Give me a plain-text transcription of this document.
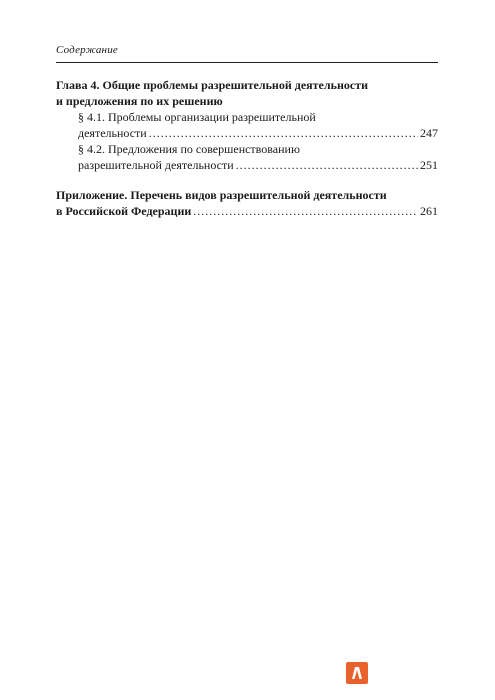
Содержание
Глава 4. Общие проблемы разрешительной деятельности
и предложения по их решению
§ 4.1. Проблемы организации разрешительной
деятельности .....	247
§ 4.2. Предложения по совершенствованию
разрешительной деятельности .....	251
Приложение. Перечень видов разрешительной деятельности
в Российской Федерации .....	261
